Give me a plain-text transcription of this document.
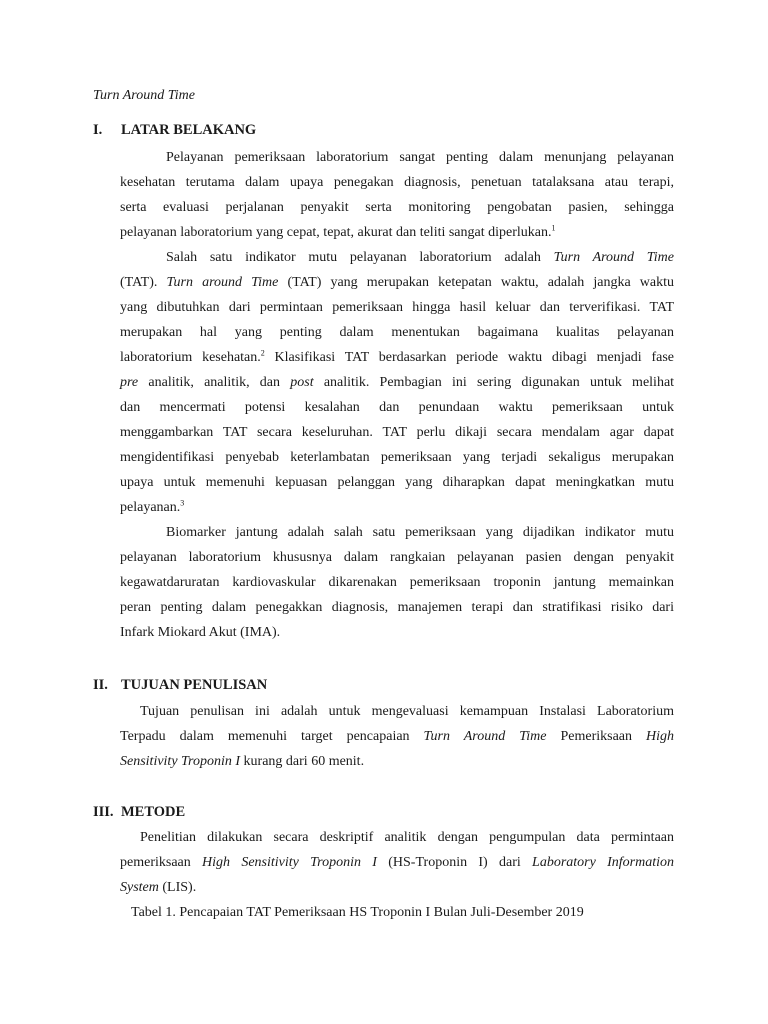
Turn Around Time
I. LATAR BELAKANG
Pelayanan pemeriksaan laboratorium sangat penting dalam menunjang pelayanan
kesehatan terutama dalam upaya penegakan diagnosis, penetuan tatalaksana atau terapi,
serta evaluasi perjalanan penyakit serta monitoring pengobatan pasien, sehingga
pelayanan laboratorium yang cepat, tepat, akurat dan teliti sangat diperlukan.$^1$
Salah satu indikator mutu pelayanan laboratorium adalah Turn Around Time
(TAT). Turn around Time (TAT) yang merupakan ketepatan waktu, adalah jangka waktu
yang dibutuhkan dari permintaan pemeriksaan hingga hasil keluar dan terverifikasi. TAT
merupakan hal yang penting dalam menentukan bagaimana kualitas pelayanan
laboratorium kesehatan.$^2$ Klasifikasi TAT berdasarkan periode waktu dibagi menjadi fase
pre analitik, analitik, dan post analitik. Pembagian ini sering digunakan untuk melihat
dan mencermati potensi kesalahan dan penundaan waktu pemeriksaan untuk
menggambarkan TAT secara keseluruhan. TAT perlu dikaji secara mendalam agar dapat
mengidentifikasi penyebab keterlambatan pemeriksaan yang terjadi sekaligus merupakan
upaya untuk memenuhi kepuasan pelanggan yang diharapkan dapat meningkatkan mutu
pelayanan.$^3$
Biomarker jantung adalah salah satu pemeriksaan yang dijadikan indikator mutu
pelayanan laboratorium khususnya dalam rangkaian pelayanan pasien dengan penyakit
kegawatdaruratan kardiovaskular dikarenakan pemeriksaan troponin jantung memainkan
peran penting dalam penegakkan diagnosis, manajemen terapi dan stratifikasi risiko dari
Infark Miokard Akut (IMA).
II. TUJUAN PENULISAN
Tujuan penulisan ini adalah untuk mengevaluasi kemampuan Instalasi Laboratorium
Terpadu dalam memenuhi target pencapaian Turn Around Time Pemeriksaan High
Sensitivity Troponin I kurang dari 60 menit.
III. METODE
Penelitian dilakukan secara deskriptif analitik dengan pengumpulan data permintaan
pemeriksaan High Sensitivity Troponin I (HS-Troponin I) dari Laboratory Information
System (LIS).
Tabel 1. Pencapaian TAT Pemeriksaan HS Troponin I Bulan Juli-Desember 2019
